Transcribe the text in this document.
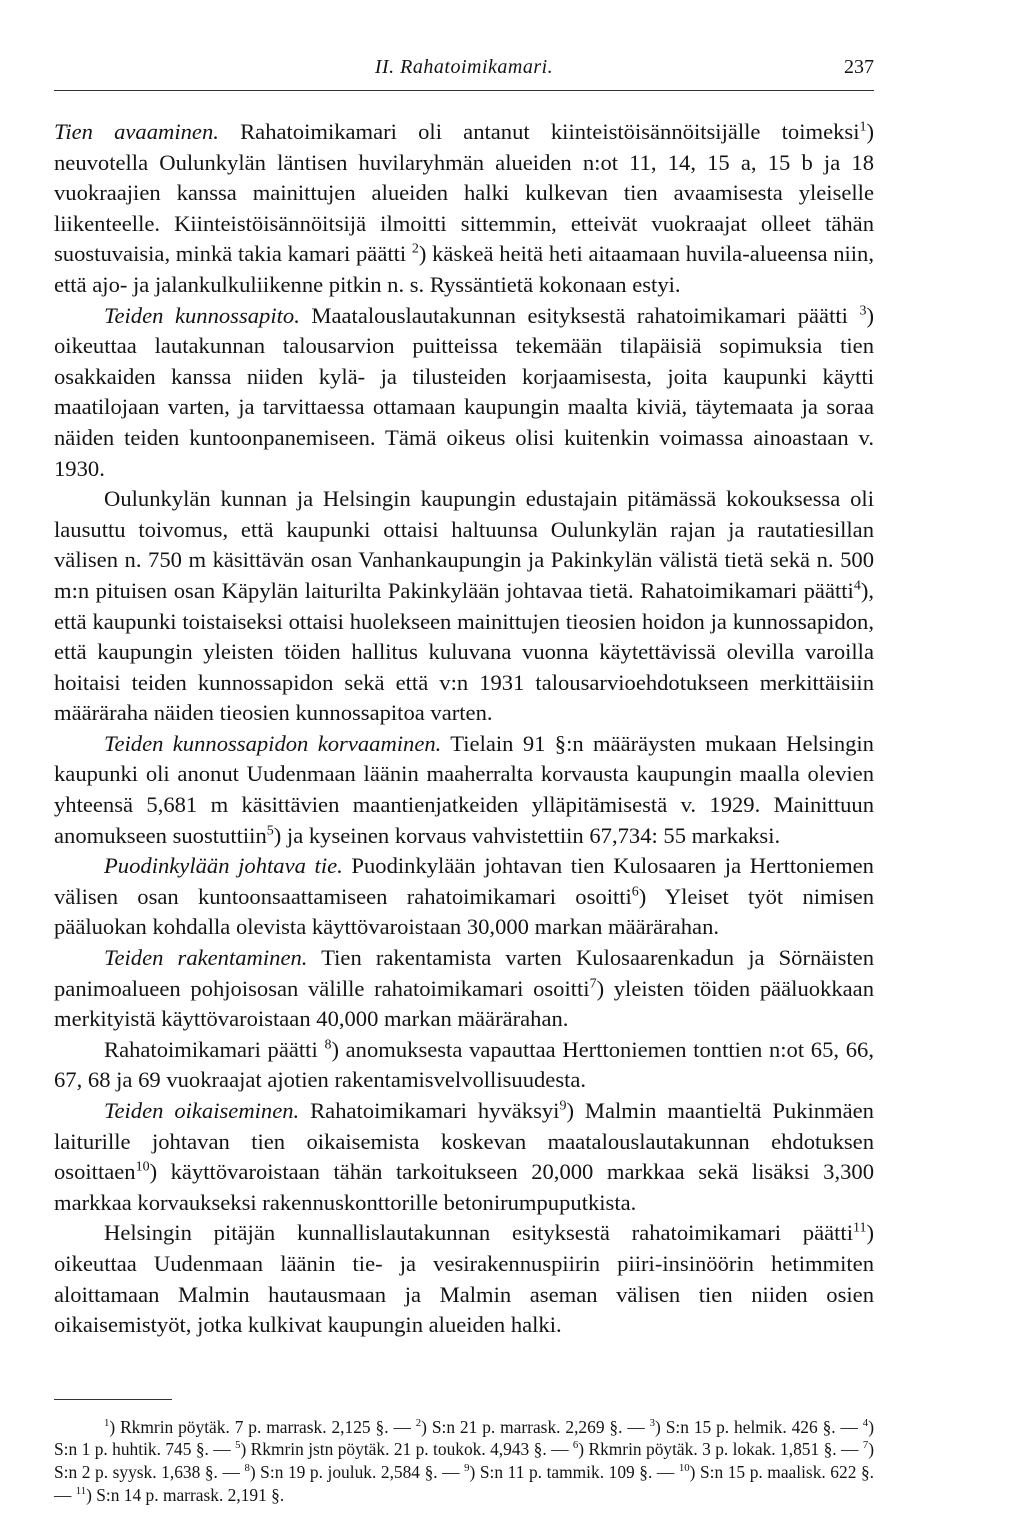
II. Rahatoimikamari.	237

Tien avaaminen. Rahatoimikamari oli antanut kiinteistöisännöitsijälle toimeksi$^1$) neuvotella Oulunkylän läntisen huvilaryhmän alueiden n:ot 11, 14, 15 a, 15 b ja 18 vuokraajien kanssa mainittujen alueiden halki kulkevan tien avaamisesta yleiselle liikenteelle. Kiinteistöisännöitsijä ilmoitti sittemmin, etteivät vuokraajat olleet tähän suostuvaisia, minkä takia kamari päätti $^2$) käskeä heitä heti aitaamaan huvila-alueensa niin, että ajo- ja jalankulkuliikenne pitkin n. s. Ryssäntietä kokonaan estyi.

Teiden kunnossapito. Maatalouslautakunnan esityksestä rahatoimikamari päätti $^3$) oikeuttaa lautakunnan talousarvion puitteissa tekemään tilapäisiä sopimuksia tien osakkaiden kanssa niiden kylä- ja tilusteiden korjaamisesta, joita kaupunki käytti maatilojaan varten, ja tarvittaessa ottamaan kaupungin maalta kiviä, täytemaata ja soraa näiden teiden kuntoonpanemiseen. Tämä oikeus olisi kuitenkin voimassa ainoastaan v. 1930.

Oulunkylän kunnan ja Helsingin kaupungin edustajain pitämässä kokouksessa oli lausuttu toivomus, että kaupunki ottaisi haltuunsa Oulunkylän rajan ja rautatiesillan välisen n. 750 m käsittävän osan Vanhankaupungin ja Pakinkylän välistä tietä sekä n. 500 m:n pituisen osan Käpylän laiturilta Pakinkylään johtavaa tietä. Rahatoimikamari päätti$^4$), että kaupunki toistaiseksi ottaisi huolekseen mainittujen tieosien hoidon ja kunnossapidon, että kaupungin yleisten töiden hallitus kuluvana vuonna käytettävissä olevilla varoilla hoitaisi teiden kunnossapidon sekä että v:n 1931 talousarvioehdotukseen merkittäisiin määräraha näiden tieosien kunnossapitoa varten.

Teiden kunnossapidon korvaaminen. Tielain 91 §:n määräysten mukaan Helsingin kaupunki oli anonut Uudenmaan läänin maaherralta korvausta kaupungin maalla olevien yhteensä 5,681 m käsittävien maantienjatkeiden ylläpitämisestä v. 1929. Mainittuun anomukseen suostuttiin$^5$) ja kyseinen korvaus vahvistettiin 67,734: 55 markaksi.

Puodinkylään johtava tie. Puodinkylään johtavan tien Kulosaaren ja Herttoniemen välisen osan kuntoonsaattamiseen rahatoimikamari osoitti$^6$) Yleiset työt nimisen pääluokan kohdalla olevista käyttövaroistaan 30,000 markan määrärahan.

Teiden rakentaminen. Tien rakentamista varten Kulosaarenkadun ja Sörnäisten panimoalueen pohjoisosan välille rahatoimikamari osoitti$^7$) yleisten töiden pääluokkaan merkityistä käyttövaroistaan 40,000 markan määrärahan.

Rahatoimikamari päätti $^8$) anomuksesta vapauttaa Herttoniemen tonttien n:ot 65, 66, 67, 68 ja 69 vuokraajat ajotien rakentamisvelvollisuudesta.

Teiden oikaiseminen. Rahatoimikamari hyväksyi$^9$) Malmin maantieltä Pukinmäen laiturille johtavan tien oikaisemista koskevan maatalouslautakunnan ehdotuksen osoittaen$^{10}$) käyttövaroistaan tähän tarkoitukseen 20,000 markkaa sekä lisäksi 3,300 markkaa korvaukseksi rakennuskonttorille betonirumpuputkista.

Helsingin pitäjän kunnallislautakunnan esityksestä rahatoimikamari päätti$^{11}$) oikeuttaa Uudenmaan läänin tie- ja vesirakennuspiirin piiri-insinöörin hetimmiten aloittamaan Malmin hautausmaan ja Malmin aseman välisen tien niiden osien oikaisemistyöt, jotka kulkivat kaupungin alueiden halki.

$^1$) Rkmrin pöytäk. 7 p. marrask. 2,125 §. — $^2$) S:n 21 p. marrask. 2,269 §. — $^3$) S:n 15 p. helmik. 426 §. — $^4$) S:n 1 p. huhtik. 745 §. — $^5$) Rkmrin jstn pöytäk. 21 p. toukok. 4,943 §. — $^6$) Rkmrin pöytäk. 3 p. lokak. 1,851 §. — $^7$) S:n 2 p. syysk. 1,638 §. — $^8$) S:n 19 p. jouluk. 2,584 §. — $^9$) S:n 11 p. tammik. 109 §. — $^{10}$) S:n 15 p. maalisk. 622 §. — $^{11}$) S:n 14 p. marrask. 2,191 §.
